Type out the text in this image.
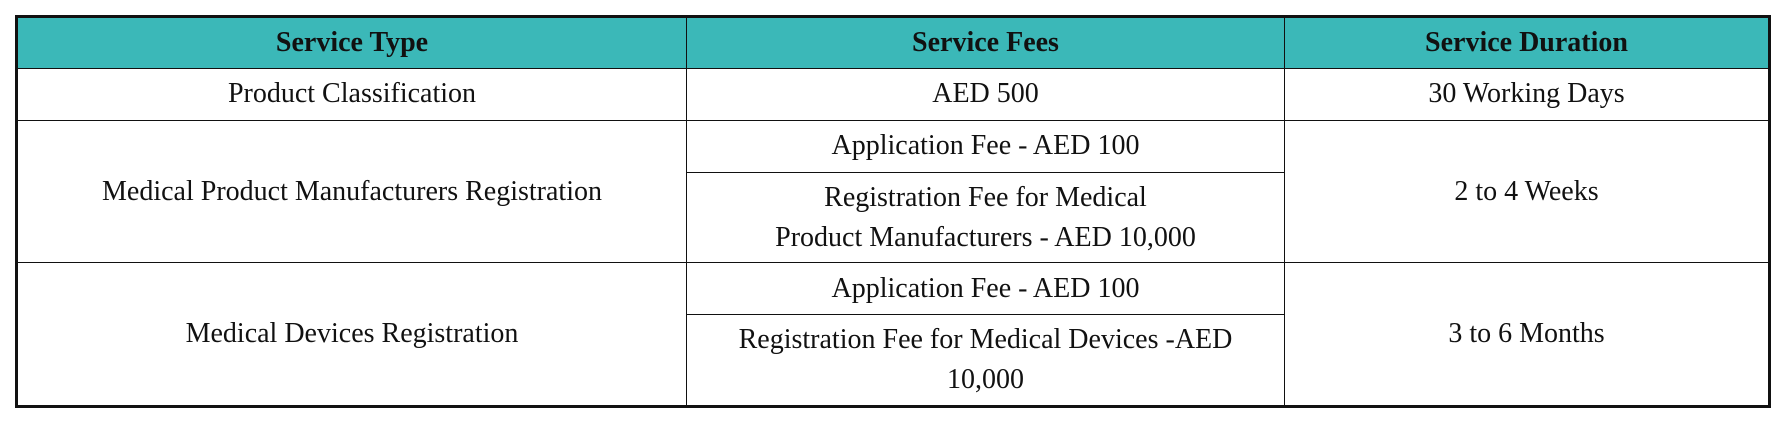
Service Type	Service Fees	Service Duration
Product Classification	AED 500	30 Working Days
Medical Product Manufacturers Registration	Application Fee - AED 100	2 to 4 Weeks
	Registration Fee for Medical
Product Manufacturers - AED 10,000	
Medical Devices Registration	Application Fee - AED 100	3 to 6 Months
	Registration Fee for Medical Devices -AED
10,000	
